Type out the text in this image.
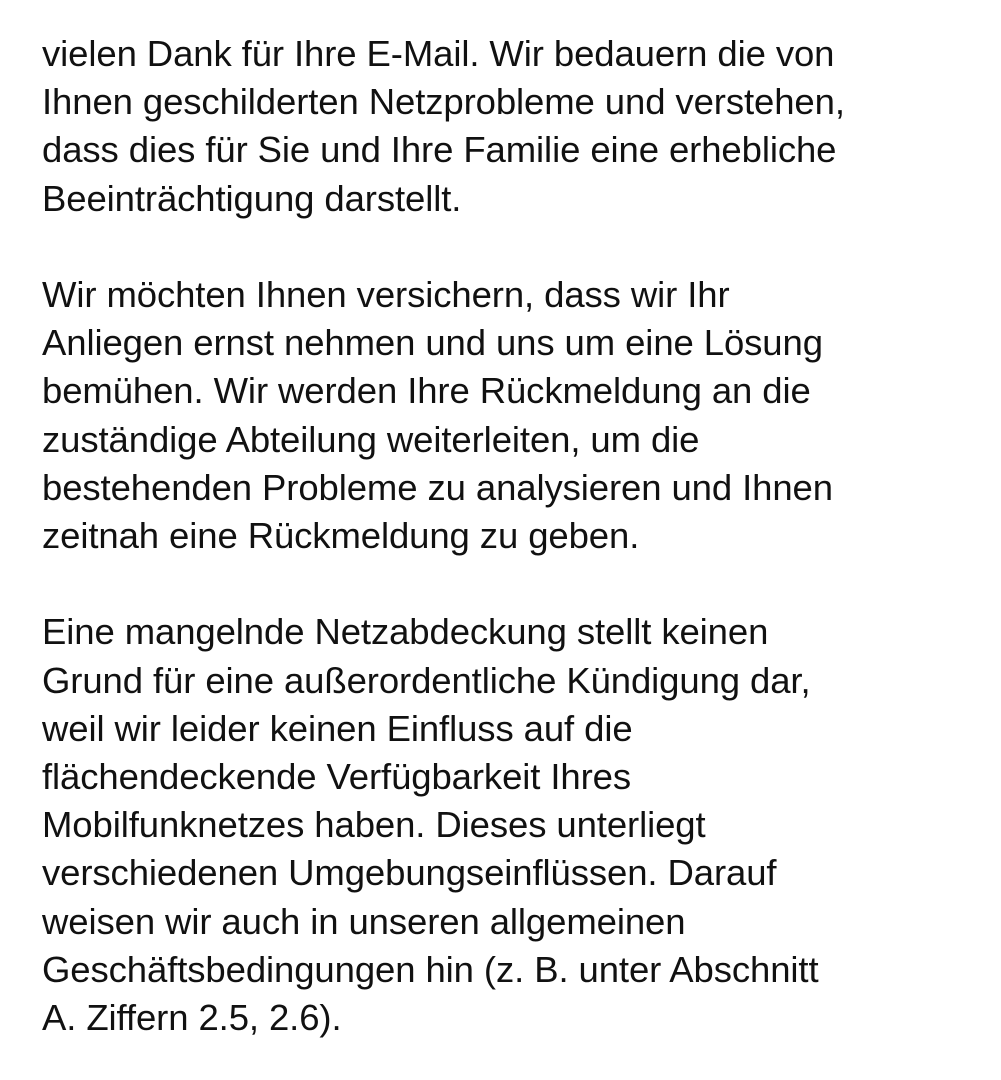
vielen Dank für Ihre E-Mail. Wir bedauern die von
Ihnen geschilderten Netzprobleme und verstehen,
dass dies für Sie und Ihre Familie eine erhebliche
Beeinträchtigung darstellt.

Wir möchten Ihnen versichern, dass wir Ihr
Anliegen ernst nehmen und uns um eine Lösung
bemühen. Wir werden Ihre Rückmeldung an die
zuständige Abteilung weiterleiten, um die
bestehenden Probleme zu analysieren und Ihnen
zeitnah eine Rückmeldung zu geben.

Eine mangelnde Netzabdeckung stellt keinen
Grund für eine außerordentliche Kündigung dar,
weil wir leider keinen Einfluss auf die
flächendeckende Verfügbarkeit Ihres
Mobilfunknetzes haben. Dieses unterliegt
verschiedenen Umgebungseinflüssen. Darauf
weisen wir auch in unseren allgemeinen
Geschäftsbedingungen hin (z. B. unter Abschnitt
A. Ziffern 2.5, 2.6).
